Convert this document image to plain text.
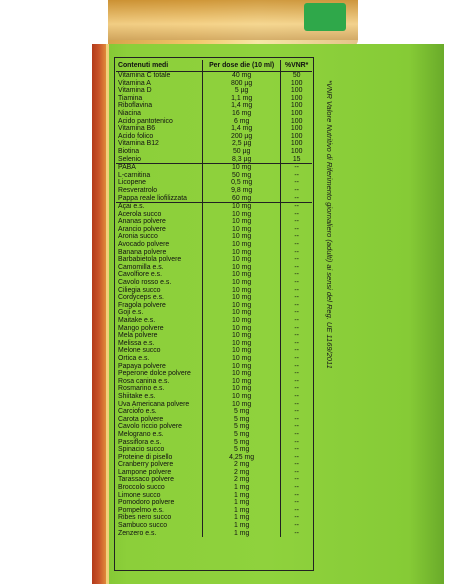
Contenuti medi	Per dose die (10 ml)	%VNR*
Vitamina C totale	40 mg	50
Vitamina A	800 µg	100
Vitamina D	5 µg	100
Tiamina	1,1 mg	100
Riboflavina	1,4 mg	100
Niacina	16 mg	100
Acido pantotenico	6 mg	100
Vitamina B6	1,4 mg	100
Acido folico	200 µg	100
Vitamina B12	2,5 µg	100
Biotina	50 µg	100
Selenio	8,3 µg	15
PABA	10 mg	--
L-carnitina	50 mg	--
Licopene	0,5 mg	--
Resveratrolo	9,8 mg	--
Pappa reale liofilizzata	60 mg	--
Açai e.s.	10 mg	--
Acerola succo	10 mg	--
Ananas polvere	10 mg	--
Arancio polvere	10 mg	--
Aronia succo	10 mg	--
Avocado polvere	10 mg	--
Banana polvere	10 mg	--
Barbabietola polvere	10 mg	--
Camomilla e.s.	10 mg	--
Cavolfiore e.s.	10 mg	--
Cavolo rosso e.s.	10 mg	--
Ciliegia succo	10 mg	--
Cordyceps e.s.	10 mg	--
Fragola polvere	10 mg	--
Goji e.s.	10 mg	--
Maitake e.s.	10 mg	--
Mango polvere	10 mg	--
Mela polvere	10 mg	--
Melissa e.s.	10 mg	--
Melone succo	10 mg	--
Ortica e.s.	10 mg	--
Papaya polvere	10 mg	--
Peperone dolce polvere	10 mg	--
Rosa canina e.s.	10 mg	--
Rosmarino e.s.	10 mg	--
Shiitake e.s.	10 mg	--
Uva Americana polvere	10 mg	--
Carciofo e.s.	5 mg	--
Carota polvere	5 mg	--
Cavolo riccio polvere	5 mg	--
Melograno e.s.	5 mg	--
Passiflora e.s.	5 mg	--
Spinacio succo	5 mg	--
Proteine di pisello	4,25 mg	--
Cranberry polvere	2 mg	--
Lampone polvere	2 mg	--
Tarassaco polvere	2 mg	--
Broccolo succo	1 mg	--
Limone succo	1 mg	--
Pomodoro polvere	1 mg	--
Pompelmo e.s.	1 mg	--
Ribes nero succo	1 mg	--
Sambuco succo	1 mg	--
Zenzero e.s.	1 mg	--
*VNR Valore Nutritivo di Riferimento giornaliero (adulti) ai sensi del Reg. UE 1169/2011
